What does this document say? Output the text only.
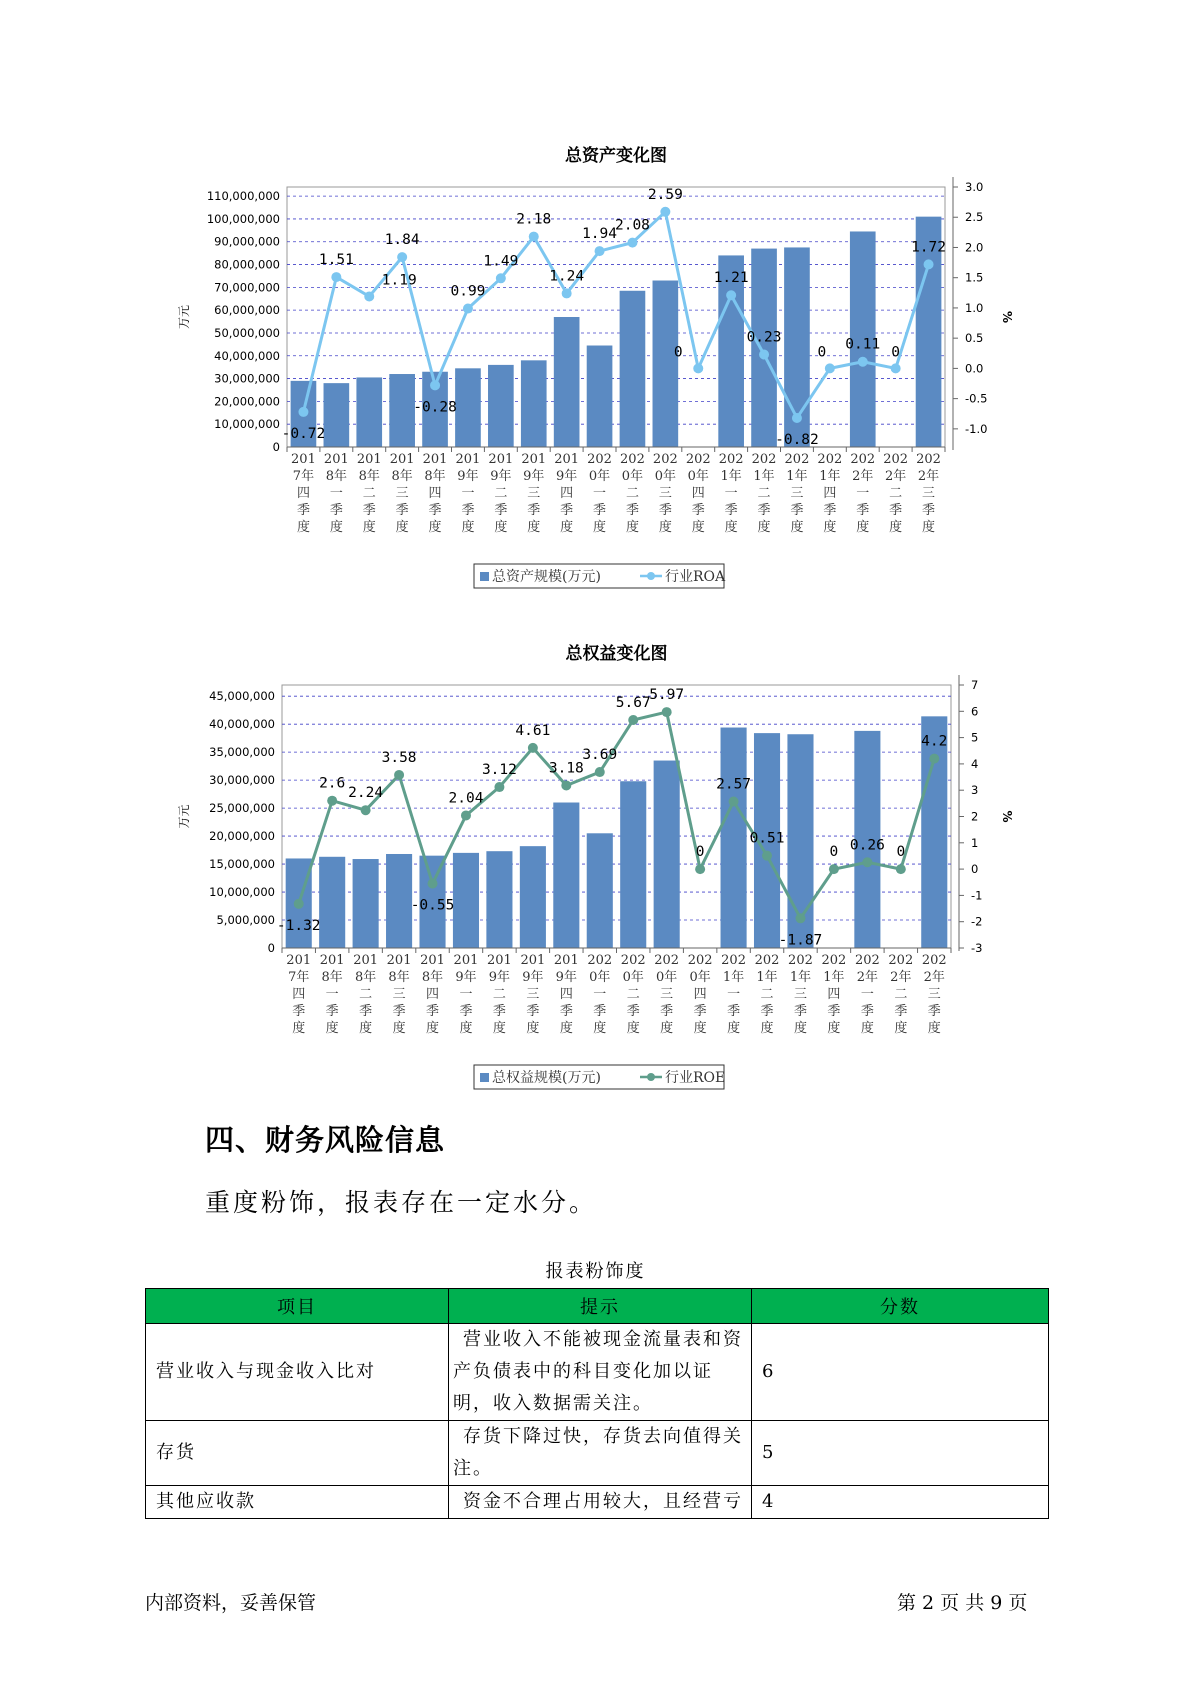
总资产变化图
0
10,000,000
20,000,000
30,000,000
40,000,000
50,000,000
60,000,000
70,000,000
80,000,000
90,000,000
100,000,000
110,000,000
-1.0
-0.5
0.0
0.5
1.0
1.5
2.0
2.5
3.0
万元	%
201
7年
四
季
度
201
8年
一
季
度
201
8年
二
季
度
201
8年
三
季
度
201
8年
四
季
度
201
9年
一
季
度
201
9年
二
季
度
201
9年
三
季
度
201
9年
四
季
度
202
0年
一
季
度
202
0年
二
季
度
202
0年
三
季
度
202
0年
四
季
度
202
1年
一
季
度
202
1年
二
季
度
202
1年
三
季
度
202
1年
四
季
度
202
2年
一
季
度
202
2年
二
季
度
202
2年
三
季
度
-0.72
1.51
1.19
1.84
-0.28
0.99
1.49
2.18
1.24
1.94
2.08
2.59
0
1.21
0.23
-0.82
0 0.11 0
1.72
总资产规模(万元)	行业ROA
总权益变化图
0
5,000,000
10,000,000
15,000,000
20,000,000
25,000,000
30,000,000
35,000,000
40,000,000
45,000,000
-3
-2
-1
0
1
2
3
4
5
6
7
万元	%
201
7年
四
季
度
201
8年
一
季
度
201
8年
二
季
度
201
8年
三
季
度
201
8年
四
季
度
201
9年
一
季
度
201
9年
二
季
度
201
9年
三
季
度
201
9年
四
季
度
202
0年
一
季
度
202
0年
二
季
度
202
0年
三
季
度
202
0年
四
季
度
202
1年
一
季
度
202
1年
二
季
度
202
1年
三
季
度
202
1年
四
季
度
202
2年
一
季
度
202
2年
二
季
度
202
2年
三
季
度
-1.32
2.6
2.24
3.58
-0.55
2.04
3.12
4.61
3.18
3.69
5.67
5.97
0
2.57
0.51
-1.87
0 0.26 0
4.2
总权益规模(万元)	行业ROE
四、财务风险信息
重度粉饰，报表存在一定水分。
报表粉饰度
项目	提示	分数
营业收入与现金收入比对	营业收入不能被现金流量表和资产负债表中的科目变化加以证明，收入数据需关注。	6
存货	存货下降过快，存货去向值得关注。	5
其他应收款	资金不合理占用较大，且经营亏	4
内部资料，妥善保管	第 2 页 共 9 页
